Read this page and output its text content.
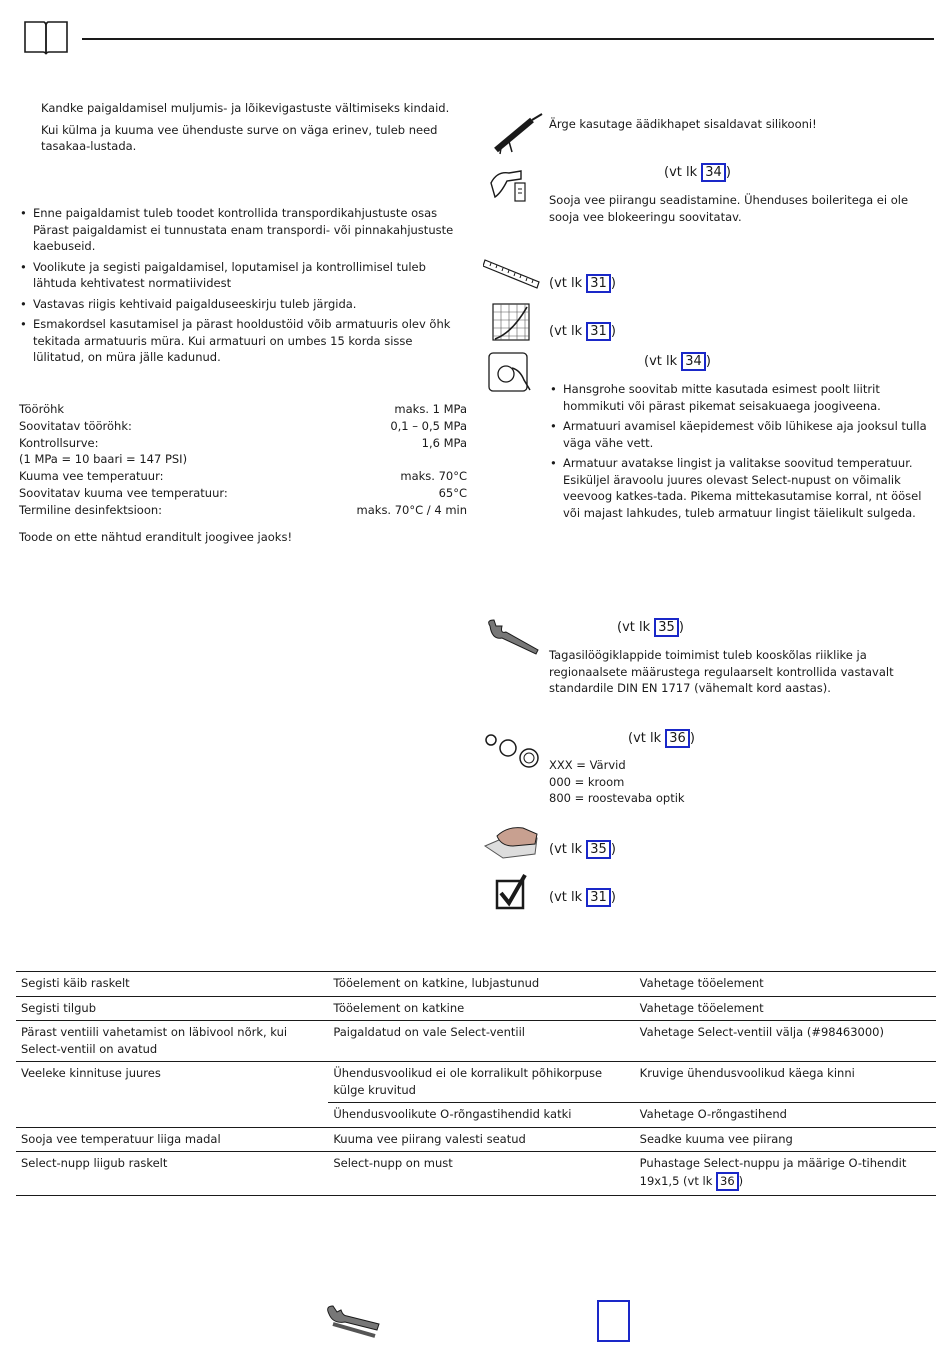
Kandke paigaldamisel muljumis- ja lõikevigastuste vältimiseks kindaid.

Kui külma ja kuuma vee ühenduste surve on väga erinev, tuleb need tasakaa-lustada.

• Enne paigaldamist tuleb toodet kontrollida transpordikahjustuste osas Pärast paigaldamist ei tunnustata enam transpordi- või pinnakahjustuste kaebuseid.
• Voolikute ja segisti paigaldamisel, loputamisel ja kontrollimisel tuleb lähtuda kehtivatest normatiividest
• Vastavas riigis kehtivaid paigalduseeskirju tuleb järgida.
• Esmakordsel kasutamisel ja pärast hooldustöid võib armatuuris olev õhk tekitada armatuuris müra. Kui armatuuri on umbes 15 korda sisse lülitatud, on müra jälle kadunud.
Tööröhk	maks. 1 MPa
Soovitatav tööröhk:	0,1 – 0,5 MPa
Kontrollsurve:	1,6 MPa
(1 MPa = 10 baari = 147 PSI)
Kuuma vee temperatuur:	maks. 70°C
Soovitatav kuuma vee temperatuur:	65°C
Termiline desinfektsioon:	maks. 70°C / 4 min

Toode on ette nähtud eranditult joogivee jaoks!

Ärge kasutage äädikhapet sisaldavat silikooni!

(vt lk 34 )

Sooja vee piirangu seadistamine. Ühenduses boileritega ei ole sooja vee blokeeringu soovitatav.

(vt lk 31 )
(vt lk 31 )
(vt lk 34 )
• Hansgrohe soovitab mitte kasutada esimest poolt liitrit hommikuti või pärast pikemat seisakuaega joogiveena.
• Armatuuri avamisel käepidemest võib lühikese aja jooksul tulla väga vähe vett.
• Armatuur avatakse lingist ja valitakse soovitud temperatuur. Esiküljel äravoolu juures olevast Select-nupust on võimalik veevoog katkes-tada. Pikema mittekasutamise korral, nt öösel või majast lahkudes, tuleb armatuur lingist täielikult sulgeda.
(vt lk 35 )

Tagasilöögiklappide toimimist tuleb kooskõlas riiklike ja regionaalsete määrustega regulaarselt kontrollida vastavalt standardile DIN EN 1717 (vähemalt kord aastas).

(vt lk 36 )
XXX = Värvid
000 = kroom
800 = roostevaba optik
(vt lk 35 )
(vt lk 31 )
Segisti käib raskelt	Tööelement on katkine, lubjastunud	Vahetage tööelement
Segisti tilgub	Tööelement on katkine	Vahetage tööelement
Pärast ventiili vahetamist on läbivool nõrk, kui Select-ventiil on avatud	Paigaldatud on vale Select-ventiil	Vahetage Select-ventiil välja (#98463000)
Veeleke kinnituse juures	Ühendusvoolikud ei ole korralikult põhikorpuse külge kruvitud	Kruvige ühendusvoolikud käega kinni
	Ühendusvoolikute O-rõngastihendid katki	Vahetage O-rõngastihend
Sooja vee temperatuur liiga madal	Kuuma vee piirang valesti seatud	Seadke kuuma vee piirang
Select-nupp liigub raskelt	Select-nupp on must	Puhastage Select-nuppu ja määrige O-tihendit 19x1,5 (vt lk 36 )
